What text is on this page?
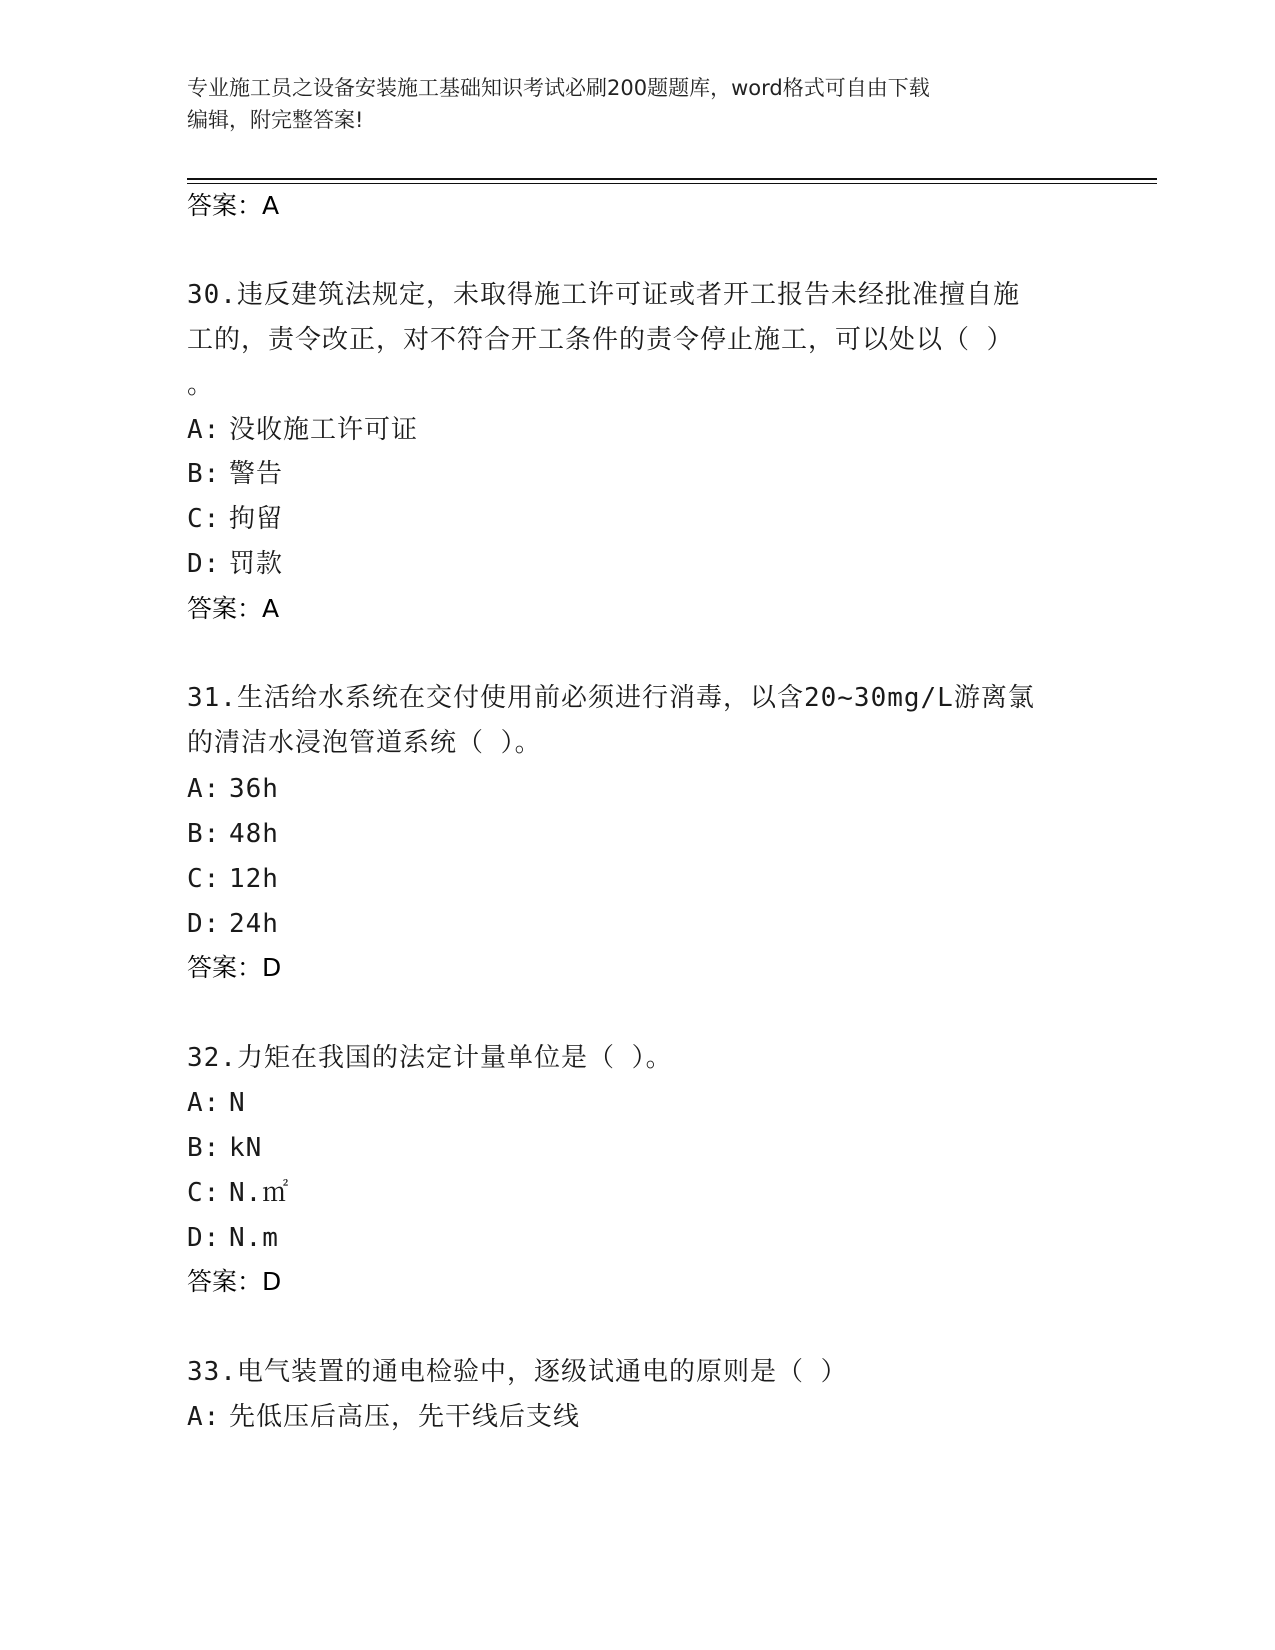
专业施工员之设备安装施工基础知识考试必刷200题题库，word格式可自由下载
编辑，附完整答案!
答案：A
30.违反建筑法规定，未取得施工许可证或者开工报告未经批准擅自施
工的，责令改正，对不符合开工条件的责令停止施工，可以处以（ ）
。
A: 没收施工许可证
B: 警告
C: 拘留
D: 罚款
答案：A
31.生活给水系统在交付使用前必须进行消毒，以含20~30mg/L游离氯
的清洁水浸泡管道系统（ ）。
A: 36h
B: 48h
C: 12h
D: 24h
答案：D
32.力矩在我国的法定计量单位是（ ）。
A: N
B: kN
C: N.㎡
D: N.m
答案：D
33.电气装置的通电检验中，逐级试通电的原则是（ ）
A: 先低压后高压，先干线后支线
